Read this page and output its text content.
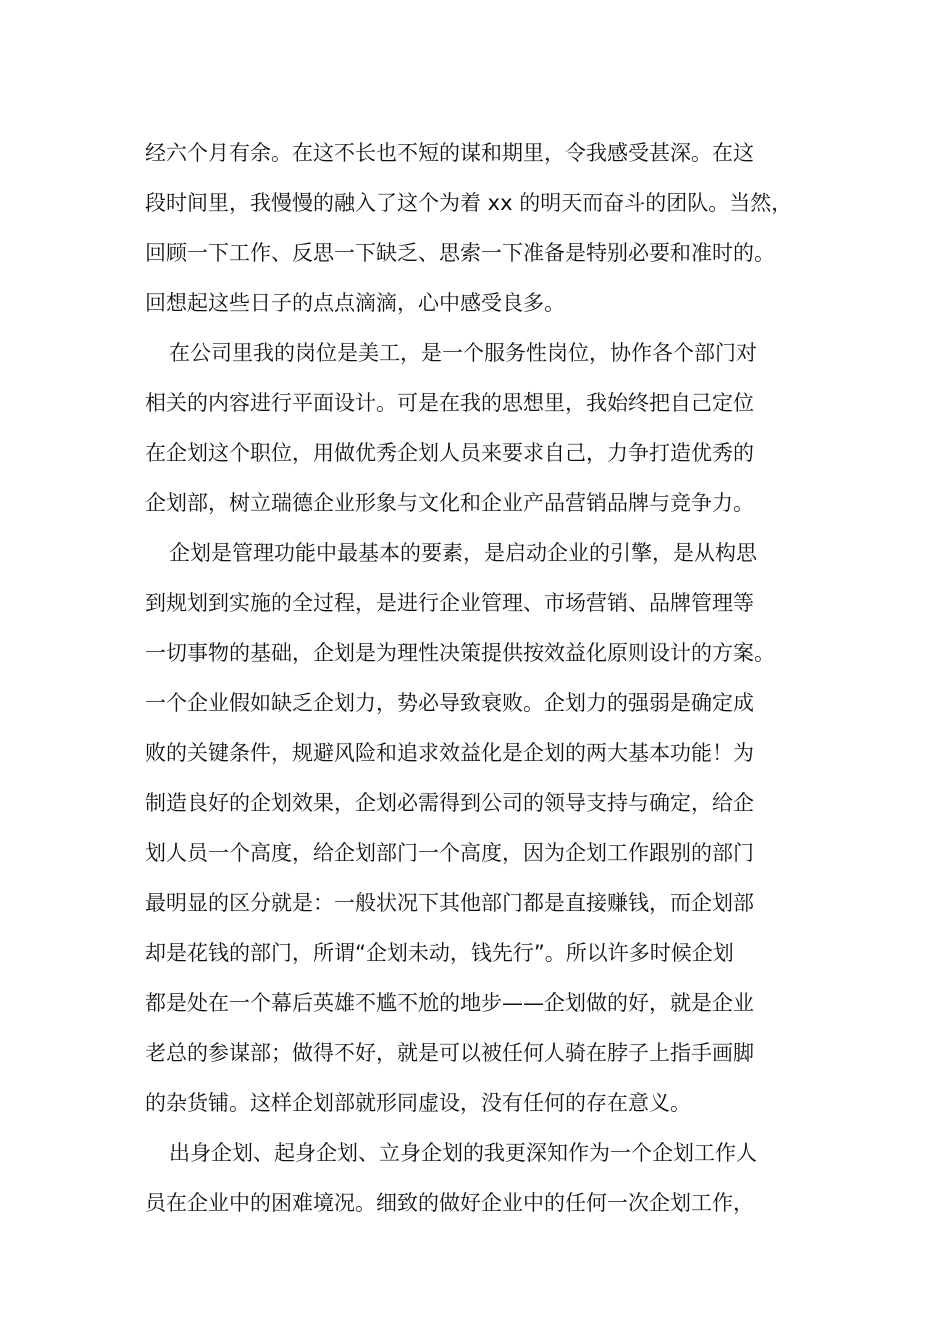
经六个月有余。在这不长也不短的谋和期里，令我感受甚深。在这
段时间里，我慢慢的融入了这个为着 xx 的明天而奋斗的团队。当然，
回顾一下工作、反思一下缺乏、思索一下准备是特别必要和准时的。
回想起这些日子的点点滴滴，心中感受良多。
在公司里我的岗位是美工，是一个服务性岗位，协作各个部门对
相关的内容进行平面设计。可是在我的思想里，我始终把自己定位
在企划这个职位，用做优秀企划人员来要求自己，力争打造优秀的
企划部，树立瑞德企业形象与文化和企业产品营销品牌与竞争力。
企划是管理功能中最基本的要素，是启动企业的引擎，是从构思
到规划到实施的全过程，是进行企业管理、市场营销、品牌管理等
一切事物的基础，企划是为理性决策提供按效益化原则设计的方案。
一个企业假如缺乏企划力，势必导致衰败。企划力的强弱是确定成
败的关键条件，规避风险和追求效益化是企划的两大基本功能！为
制造良好的企划效果，企划必需得到公司的领导支持与确定，给企
划人员一个高度，给企划部门一个高度，因为企划工作跟别的部门
最明显的区分就是：一般状况下其他部门都是直接赚钱，而企划部
却是花钱的部门，所谓“企划未动，钱先行”。所以许多时候企划
都是处在一个幕后英雄不尴不尬的地步——企划做的好，就是企业
老总的参谋部；做得不好，就是可以被任何人骑在脖子上指手画脚
的杂货铺。这样企划部就形同虚设，没有任何的存在意义。
出身企划、起身企划、立身企划的我更深知作为一个企划工作人
员在企业中的困难境况。细致的做好企业中的任何一次企划工作，
